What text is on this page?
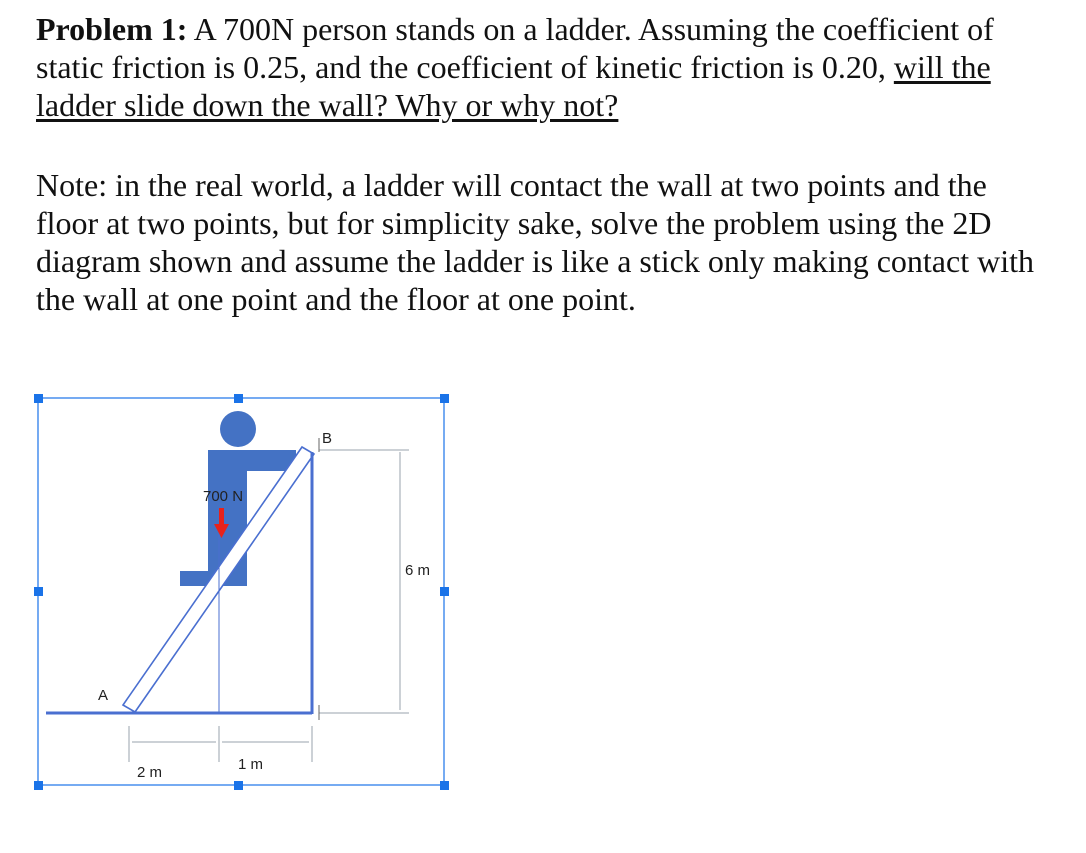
Problem 1: A 700N person stands on a ladder. Assuming the coefficient of static friction is 0.25, and the coefficient of kinetic friction is 0.20, will the ladder slide down the wall? Why or why not?
Note: in the real world, a ladder will contact the wall at two points and the floor at two points, but for simplicity sake, solve the problem using the 2D diagram shown and assume the ladder is like a stick only making contact with the wall at one point and the floor at one point.
700 N
A
B
6 m
2 m	1 m
